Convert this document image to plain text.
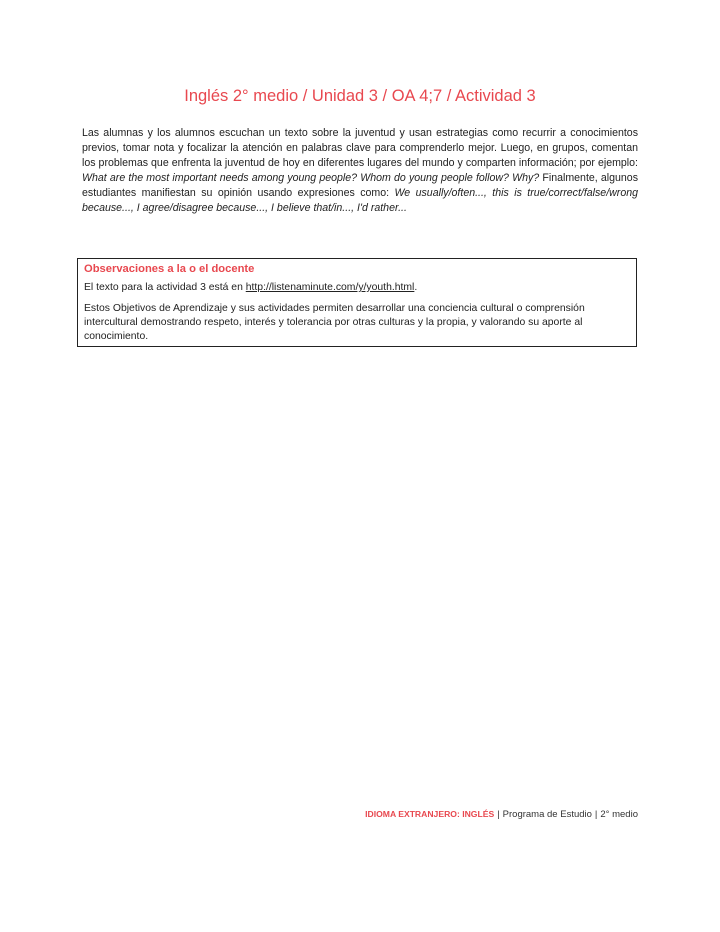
Inglés 2° medio / Unidad 3 / OA 4;7 / Actividad 3

Las alumnas y los alumnos escuchan un texto sobre la juventud y usan estrategias como recurrir a conocimientos previos, tomar nota y focalizar la atención en palabras clave para comprenderlo mejor. Luego, en grupos, comentan los problemas que enfrenta la juventud de hoy en diferentes lugares del mundo y comparten información; por ejemplo: What are the most important needs among young people? Whom do young people follow? Why? Finalmente, algunos estudiantes manifiestan su opinión usando expresiones como: We usually/often..., this is true/correct/false/wrong because..., I agree/disagree because..., I believe that/in..., I'd rather...

Observaciones a la o el docente

El texto para la actividad 3 está en http://listenaminute.com/y/youth.html.

Estos Objetivos de Aprendizaje y sus actividades permiten desarrollar una conciencia cultural o comprensión intercultural demostrando respeto, interés y tolerancia por otras culturas y la propia, y valorando su aporte al conocimiento.

IDIOMA EXTRANJERO: INGLÉS | Programa de Estudio | 2° medio
